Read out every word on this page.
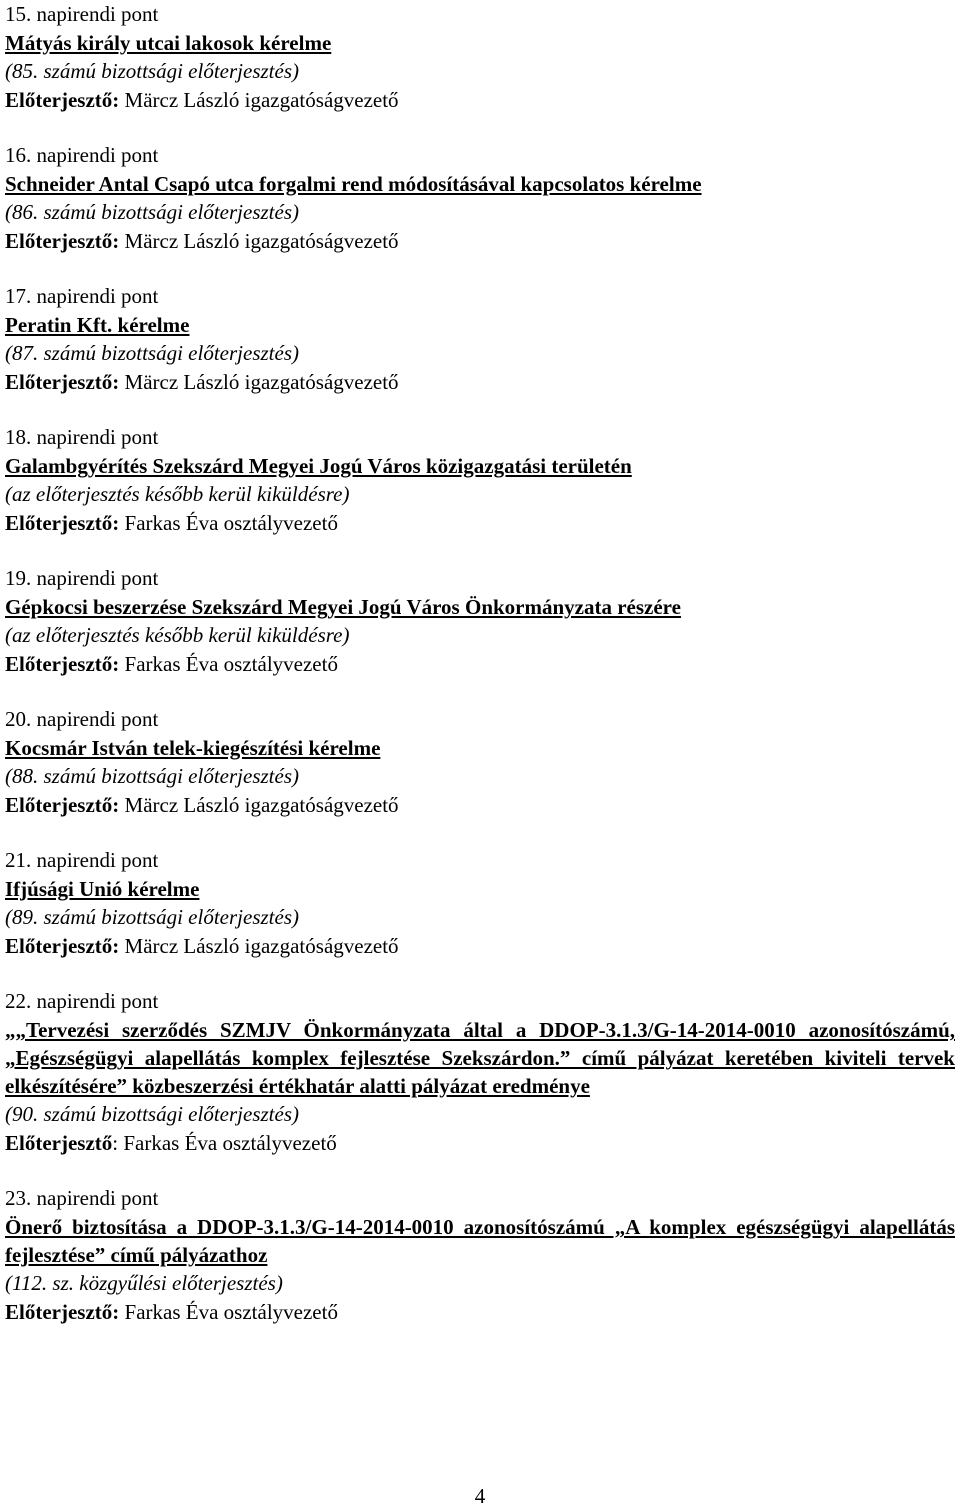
15. napirendi pont
Mátyás király utcai lakosok kérelme
(85. számú bizottsági előterjesztés)
Előterjesztő: Märcz László igazgatóságvezető
16. napirendi pont
Schneider Antal Csapó utca forgalmi rend módosításával kapcsolatos kérelme
(86. számú bizottsági előterjesztés)
Előterjesztő: Märcz László igazgatóságvezető
17. napirendi pont
Peratin Kft. kérelme
(87. számú bizottsági előterjesztés)
Előterjesztő: Märcz László igazgatóságvezető
18. napirendi pont
Galambgyérítés Szekszárd Megyei Jogú Város közigazgatási területén
(az előterjesztés később kerül kiküldésre)
Előterjesztő: Farkas Éva osztályvezető
19. napirendi pont
Gépkocsi beszerzése Szekszárd Megyei Jogú Város Önkormányzata részére
(az előterjesztés később kerül kiküldésre)
Előterjesztő: Farkas Éva osztályvezető
20. napirendi pont
Kocsmár István telek-kiegészítési kérelme
(88. számú bizottsági előterjesztés)
Előterjesztő: Märcz László igazgatóságvezető
21. napirendi pont
Ifjúsági Unió kérelme
(89. számú bizottsági előterjesztés)
Előterjesztő: Märcz László igazgatóságvezető
22. napirendi pont
„„Tervezési szerződés SZMJV Önkormányzata által a DDOP-3.1.3/G-14-2014-0010 azonosítószámú, „Egészségügyi alapellátás komplex fejlesztése Szekszárdon.” című pályázat keretében kiviteli tervek elkészítésére” közbeszerzési értékhatár alatti pályázat eredménye
(90. számú bizottsági előterjesztés)
Előterjesztő: Farkas Éva osztályvezető
23. napirendi pont
Önerő biztosítása a DDOP-3.1.3/G-14-2014-0010 azonosítószámú „A komplex egészségügyi alapellátás fejlesztése” című pályázathoz
(112. sz. közgyűlési előterjesztés)
Előterjesztő: Farkas Éva osztályvezető
4
